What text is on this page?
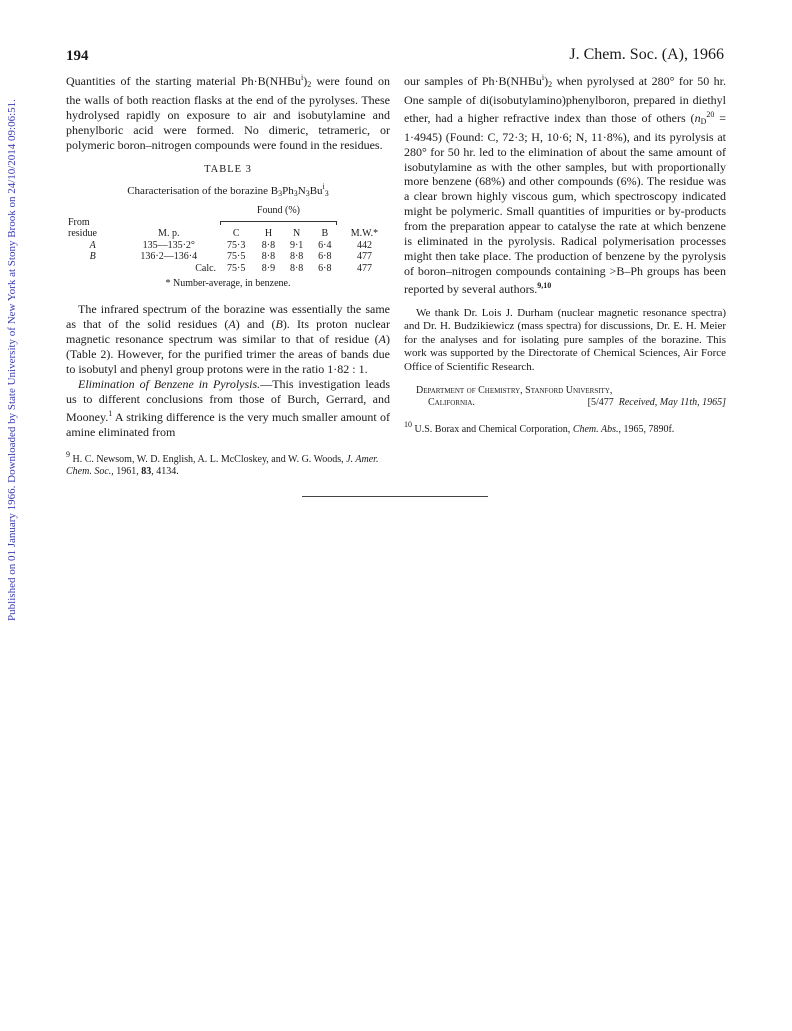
Published on 01 January 1966. Downloaded by State University of New York at Stony Brook on 24/10/2014 09:06:51.
194	J. Chem. Soc. (A), 1966

Quantities of the starting material $Ph\cdot B(NHBu^i)_2$ were found on the walls of both reaction flasks at the end of the pyrolyses. These hydrolysed rapidly on exposure to air and isobutylamine and phenylboric acid were formed. No dimeric, tetrameric, or polymeric boron–nitrogen compounds were found in the residues.

TABLE 3
Characterisation of the borazine $B_3Ph_3N_3Bu^i_3$
		Found (%)				
From					

residue	M. p.	C	H	N	B	M.W.*
A	135—135·2°	75·3	8·8	9·1	6·4	442
B	136·2—136·4	75·5	8·8	8·8	6·8	477
	Calc.	75·5	8·9	8·8	6·8	477
* Number-average, in benzene.

The infrared spectrum of the borazine was essentially the same as that of the solid residues (A) and (B). Its proton nuclear magnetic resonance spectrum was similar to that of residue (A) (Table 2). However, for the purified trimer the areas of bands due to isobutyl and phenyl group protons were in the ratio 1·82 : 1.

Elimination of Benzene in Pyrolysis.—This investigation leads us to different conclusions from those of Burch, Gerrard, and Mooney.$^1$ A striking difference is the very much smaller amount of amine eliminated from

$^9$ H. C. Newsom, W. D. English, A. L. McCloskey, and W. G. Woods, J. Amer. Chem. Soc., 1961, 83, 4134.

our samples of $Ph\cdot B(NHBu^i)_2$ when pyrolysed at 280° for 50 hr. One sample of di(isobutylamino)phenylboron, prepared in diethyl ether, had a higher refractive index than those of others $(n_D^{20} = 1\cdot 4945)$ (Found: C, 72·3; H, 10·6; N, 11·8%), and its pyrolysis at 280° for 50 hr. led to the elimination of about the same amount of isobutylamine as with the other samples, but with proportionally more benzene (68%) and other compounds (6%). The residue was a clear brown highly viscous gum, which spectroscopy indicated might be polymeric. Small quantities of impurities or by-products from the preparation appear to catalyse the rate at which benzene is eliminated in the pyrolysis. Radical polymerisation processes might then take place. The production of benzene by the pyrolysis of boron–nitrogen compounds containing >B–Ph groups has been reported by several authors.$^{9,10}$

We thank Dr. Lois J. Durham (nuclear magnetic resonance spectra) and Dr. H. Budzikiewicz (mass spectra) for discussions, Dr. E. H. Meier for the analyses and for isolating pure samples of the borazine. This work was supported by the Directorate of Chemical Sciences, Air Force Office of Scientific Research.

Department of Chemistry, Stanford University,
California.	[5/477 Received, May 11th, 1965]
$^{10}$ U.S. Borax and Chemical Corporation, Chem. Abs., 1965, 7890f.
